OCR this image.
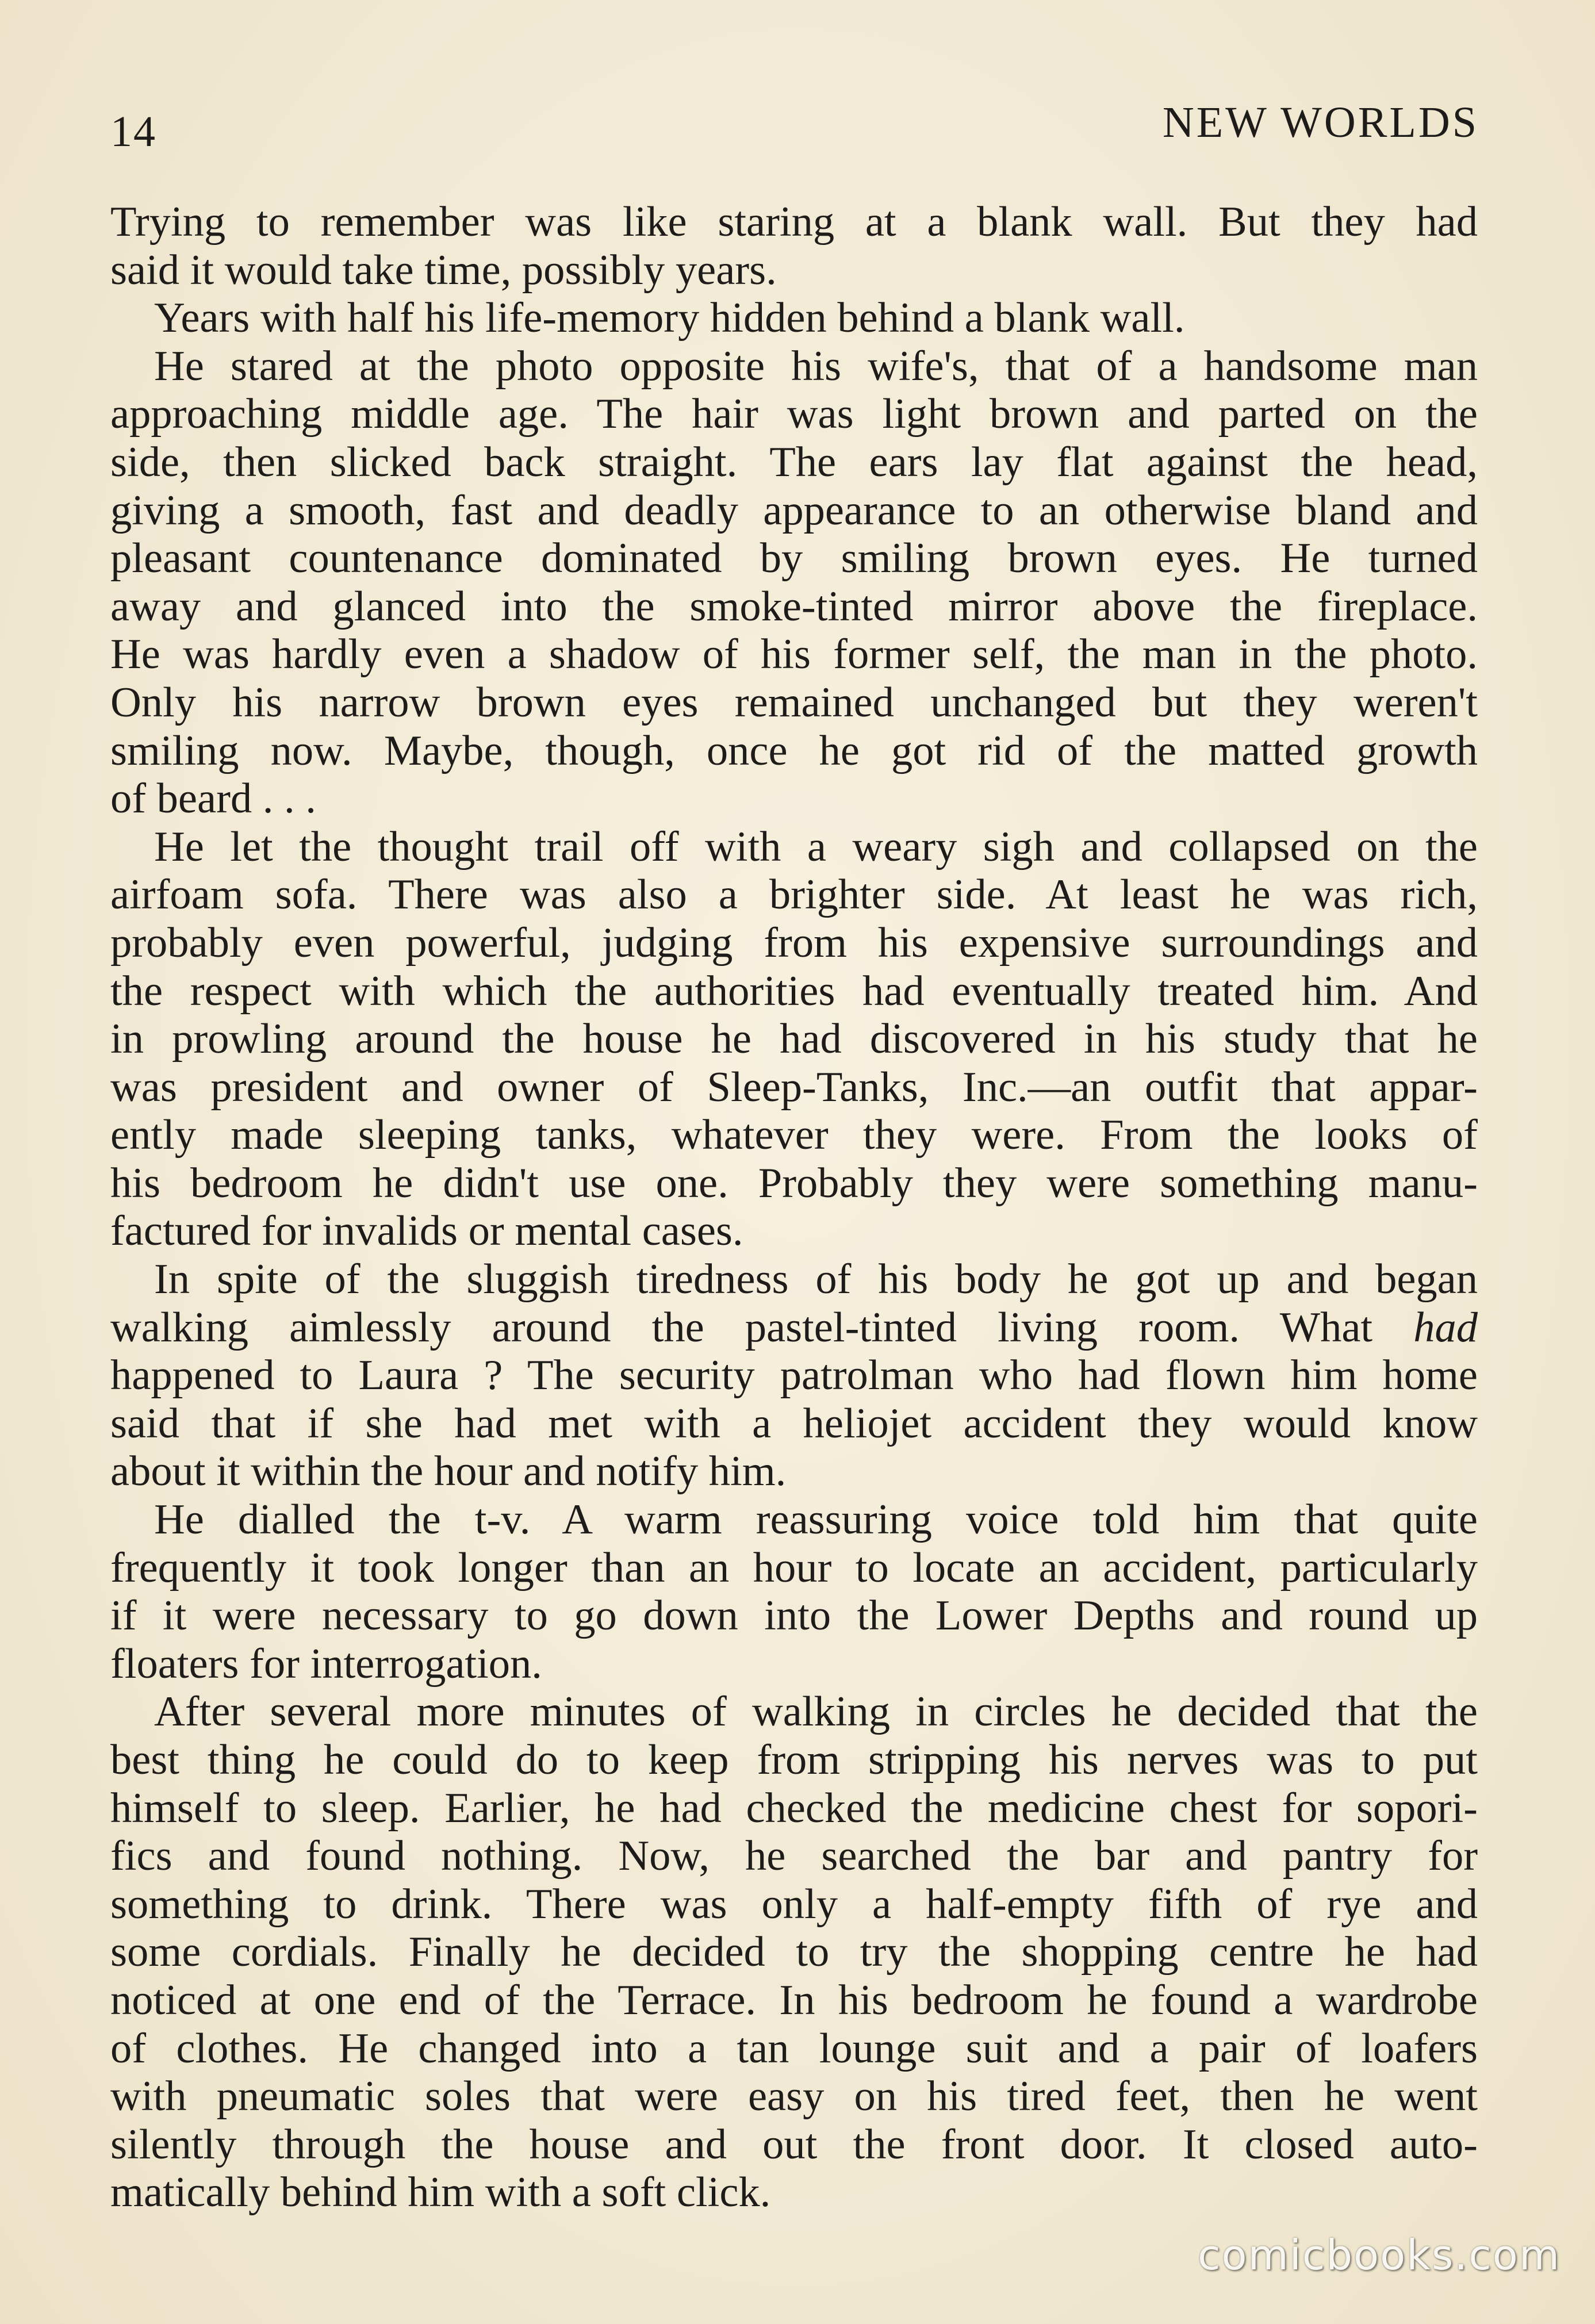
14	NEW WORLDS
Trying to remember was like staring at a blank wall. But they had
said it would take time, possibly years.
Years with half his life-memory hidden behind a blank wall.
He stared at the photo opposite his wife's, that of a handsome man
approaching middle age. The hair was light brown and parted on the
side, then slicked back straight. The ears lay flat against the head,
giving a smooth, fast and deadly appearance to an otherwise bland and
pleasant countenance dominated by smiling brown eyes. He turned
away and glanced into the smoke-tinted mirror above the fireplace.
He was hardly even a shadow of his former self, the man in the photo.
Only his narrow brown eyes remained unchanged but they weren't
smiling now. Maybe, though, once he got rid of the matted growth
of beard . . .
He let the thought trail off with a weary sigh and collapsed on the
airfoam sofa. There was also a brighter side. At least he was rich,
probably even powerful, judging from his expensive surroundings and
the respect with which the authorities had eventually treated him. And
in prowling around the house he had discovered in his study that he
was president and owner of Sleep-Tanks, Inc.—an outfit that appar-
ently made sleeping tanks, whatever they were. From the looks of
his bedroom he didn't use one. Probably they were something manu-
factured for invalids or mental cases.
In spite of the sluggish tiredness of his body he got up and began
walking aimlessly around the pastel-tinted living room. What had
happened to Laura ? The security patrolman who had flown him home
said that if she had met with a heliojet accident they would know
about it within the hour and notify him.
He dialled the t-v. A warm reassuring voice told him that quite
frequently it took longer than an hour to locate an accident, particularly
if it were necessary to go down into the Lower Depths and round up
floaters for interrogation.
After several more minutes of walking in circles he decided that the
best thing he could do to keep from stripping his nerves was to put
himself to sleep. Earlier, he had checked the medicine chest for sopori-
fics and found nothing. Now, he searched the bar and pantry for
something to drink. There was only a half-empty fifth of rye and
some cordials. Finally he decided to try the shopping centre he had
noticed at one end of the Terrace. In his bedroom he found a wardrobe
of clothes. He changed into a tan lounge suit and a pair of loafers
with pneumatic soles that were easy on his tired feet, then he went
silently through the house and out the front door. It closed auto-
matically behind him with a soft click.
comicbooks.com
